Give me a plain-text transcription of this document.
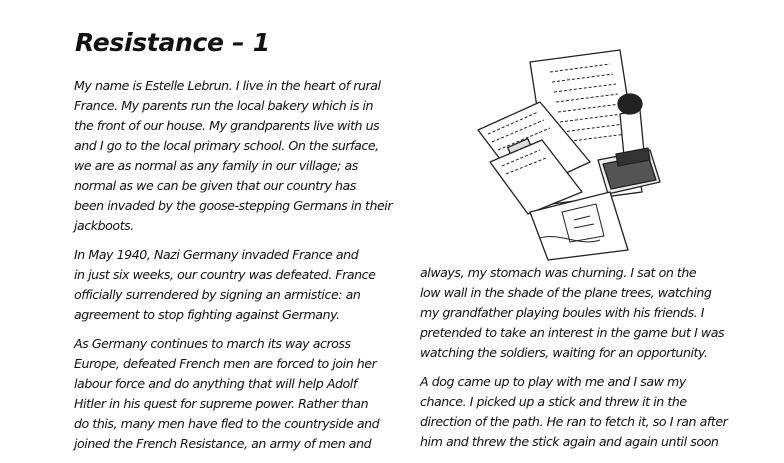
Resistance – 1

My name is Estelle Lebrun. I live in the heart of rural
France. My parents run the local bakery which is in
the front of our house. My grandparents live with us
and I go to the local primary school. On the surface,
we are as normal as any family in our village; as
normal as we can be given that our country has
been invaded by the goose-stepping Germans in their
jackboots.

In May 1940, Nazi Germany invaded France and
in just six weeks, our country was defeated. France
officially surrendered by signing an armistice: an
agreement to stop fighting against Germany.

As Germany continues to march its way across
Europe, defeated French men are forced to join her
labour force and do anything that will help Adolf
Hitler in his quest for supreme power. Rather than
do this, many men have fled to the countryside and
joined the French Resistance, an army of men and

always, my stomach was churning. I sat on the
low wall in the shade of the plane trees, watching
my grandfather playing boules with his friends. I
pretended to take an interest in the game but I was
watching the soldiers, waiting for an opportunity.

A dog came up to play with me and I saw my
chance. I picked up a stick and threw it in the
direction of the path. He ran to fetch it, so I ran after
him and threw the stick again and again until soon
